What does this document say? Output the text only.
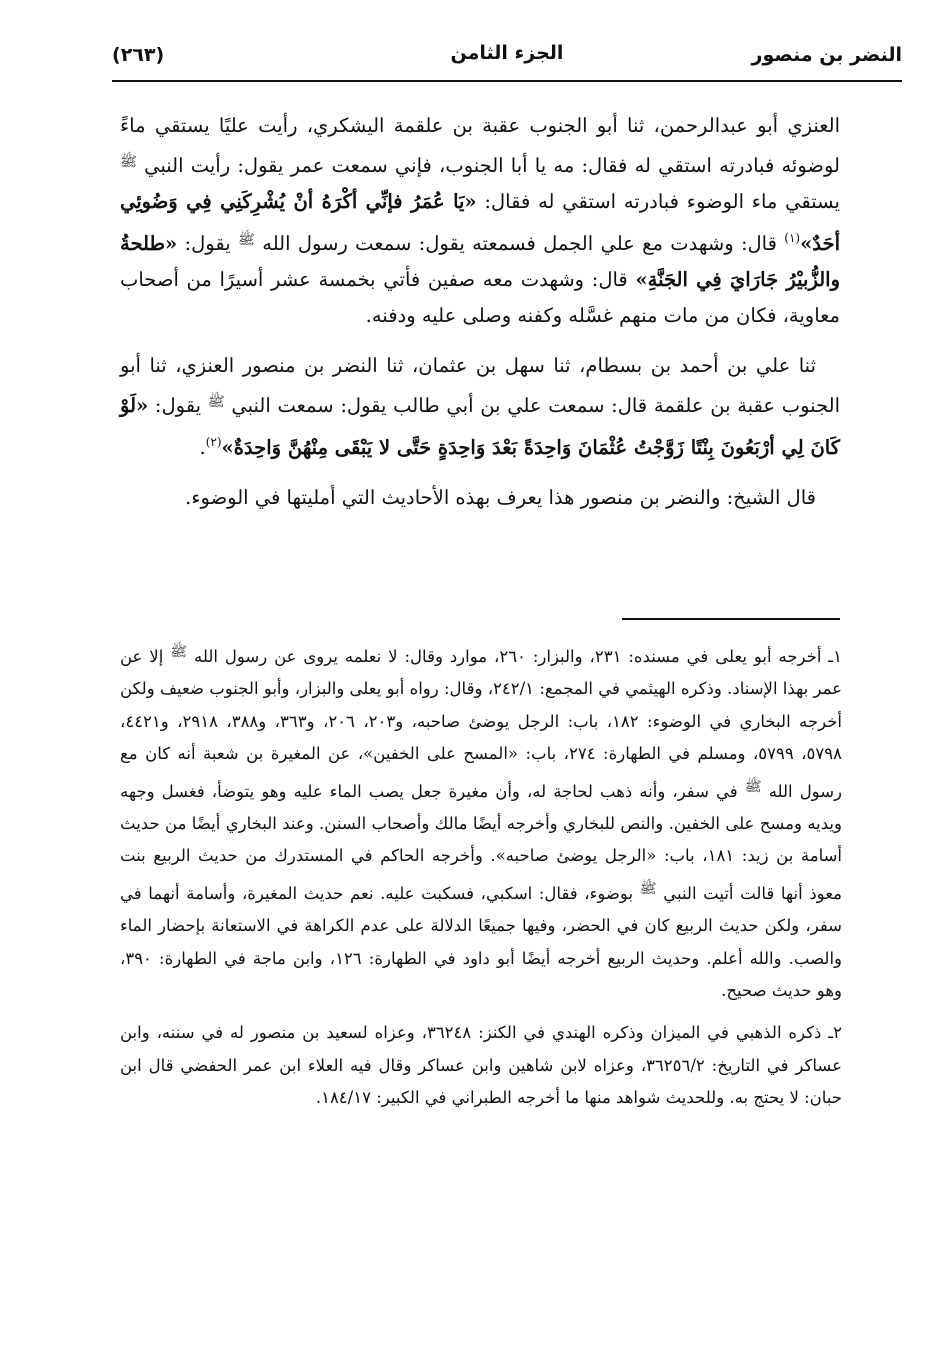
النضر بن منصور
الجزء الثامن
(٢٦٣)

العنزي أبو عبدالرحمن، ثنا أبو الجنوب عقبة بن علقمة اليشكري، رأيت عليًا يستقي ماءً لوضوئه فبادرته استقي له فقال: مه يا أبا الجنوب، فإني سمعت عمر يقول: رأيت النبي $^ﷺ$ يستقي ماء الوضوء فبادرته استقي له فقال: «يَا عُمَرُ فإنِّي أكْرَهُ أنْ يُشْرِكَنِي فِي وَضُوئِي أحَدٌ»$^{(١)}$ قال: وشهدت مع علي الجمل فسمعته يقول: سمعت رسول الله $^ﷺ$ يقول: «طلحةُ والزُّبيْرُ جَارَايَ فِي الجَنَّةِ» قال: وشهدت معه صفين فأتي بخمسة عشر أسيرًا من أصحاب معاوية، فكان من مات منهم غسَّله وكفنه وصلى عليه ودفنه.

ثنا علي بن أحمد بن بسطام، ثنا سهل بن عثمان، ثنا النضر بن منصور العنزي، ثنا أبو الجنوب عقبة بن علقمة قال: سمعت علي بن أبي طالب يقول: سمعت النبي $^ﷺ$ يقول: «لَوْ كَانَ لِي أرْبَعُونَ بِنْتًا زَوَّجْتُ عُثْمَانَ وَاحِدَةً بَعْدَ وَاحِدَةٍ حَتَّى لا يَبْقَى مِنْهُنَّ وَاحِدَةٌ»$^{(٢)}$.

قال الشيخ: والنضر بن منصور هذا يعرف بهذه الأحاديث التي أمليتها في الوضوء.

١ـ أخرجه أبو يعلى في مسنده: ٢٣١، والبزار: ٢٦٠، موارد وقال: لا نعلمه يروى عن رسول الله $^ﷺ$ إلا عن عمر بهذا الإسناد. وذكره الهيثمي في المجمع: ٢٤٢/١، وقال: رواه أبو يعلى والبزار، وأبو الجنوب ضعيف ولكن أخرجه البخاري في الوضوء: ١٨٢، باب: الرجل يوضئ صاحبه، و٢٠٣، ٢٠٦، و٣٦٣، و٣٨٨، ٢٩١٨، و٤٤٢١، ٥٧٩٨، ٥٧٩٩، ومسلم في الطهارة: ٢٧٤، باب: «المسح على الخفين»، عن المغيرة بن شعبة أنه كان مع رسول الله $^ﷺ$ في سفر، وأنه ذهب لحاجة له، وأن مغيرة جعل يصب الماء عليه وهو يتوضأ، فغسل وجهه ويديه ومسح على الخفين. والنص للبخاري وأخرجه أيضًا مالك وأصحاب السنن. وعند البخاري أيضًا من حديث أسامة بن زيد: ١٨١، باب: «الرجل يوضئ صاحبه». وأخرجه الحاكم في المستدرك من حديث الربيع بنت معوذ أنها قالت أتيت النبي $^ﷺ$ بوضوء، فقال: اسكبي، فسكبت عليه. نعم حديث المغيرة، وأسامة أنهما في سفر، ولكن حديث الربيع كان في الحضر، وفيها جميعًا الدلالة على عدم الكراهة في الاستعانة بإحضار الماء والصب. والله أعلم. وحديث الربيع أخرجه أيضًا أبو داود في الطهارة: ١٢٦، وابن ماجة في الطهارة: ٣٩٠، وهو حديث صحيح.

٢ـ ذكره الذهبي في الميزان وذكره الهندي في الكنز: ٣٦٢٤٨، وعزاه لسعيد بن منصور له في سننه، وابن عساكر في التاريخ: ٣٦٢٥٦/٢، وعزاه لابن شاهين وابن عساكر وقال فيه العلاء ابن عمر الحفضي قال ابن حبان: لا يحتج به. وللحديث شواهد منها ما أخرجه الطبراني في الكبير: ١٨٤/١٧.
